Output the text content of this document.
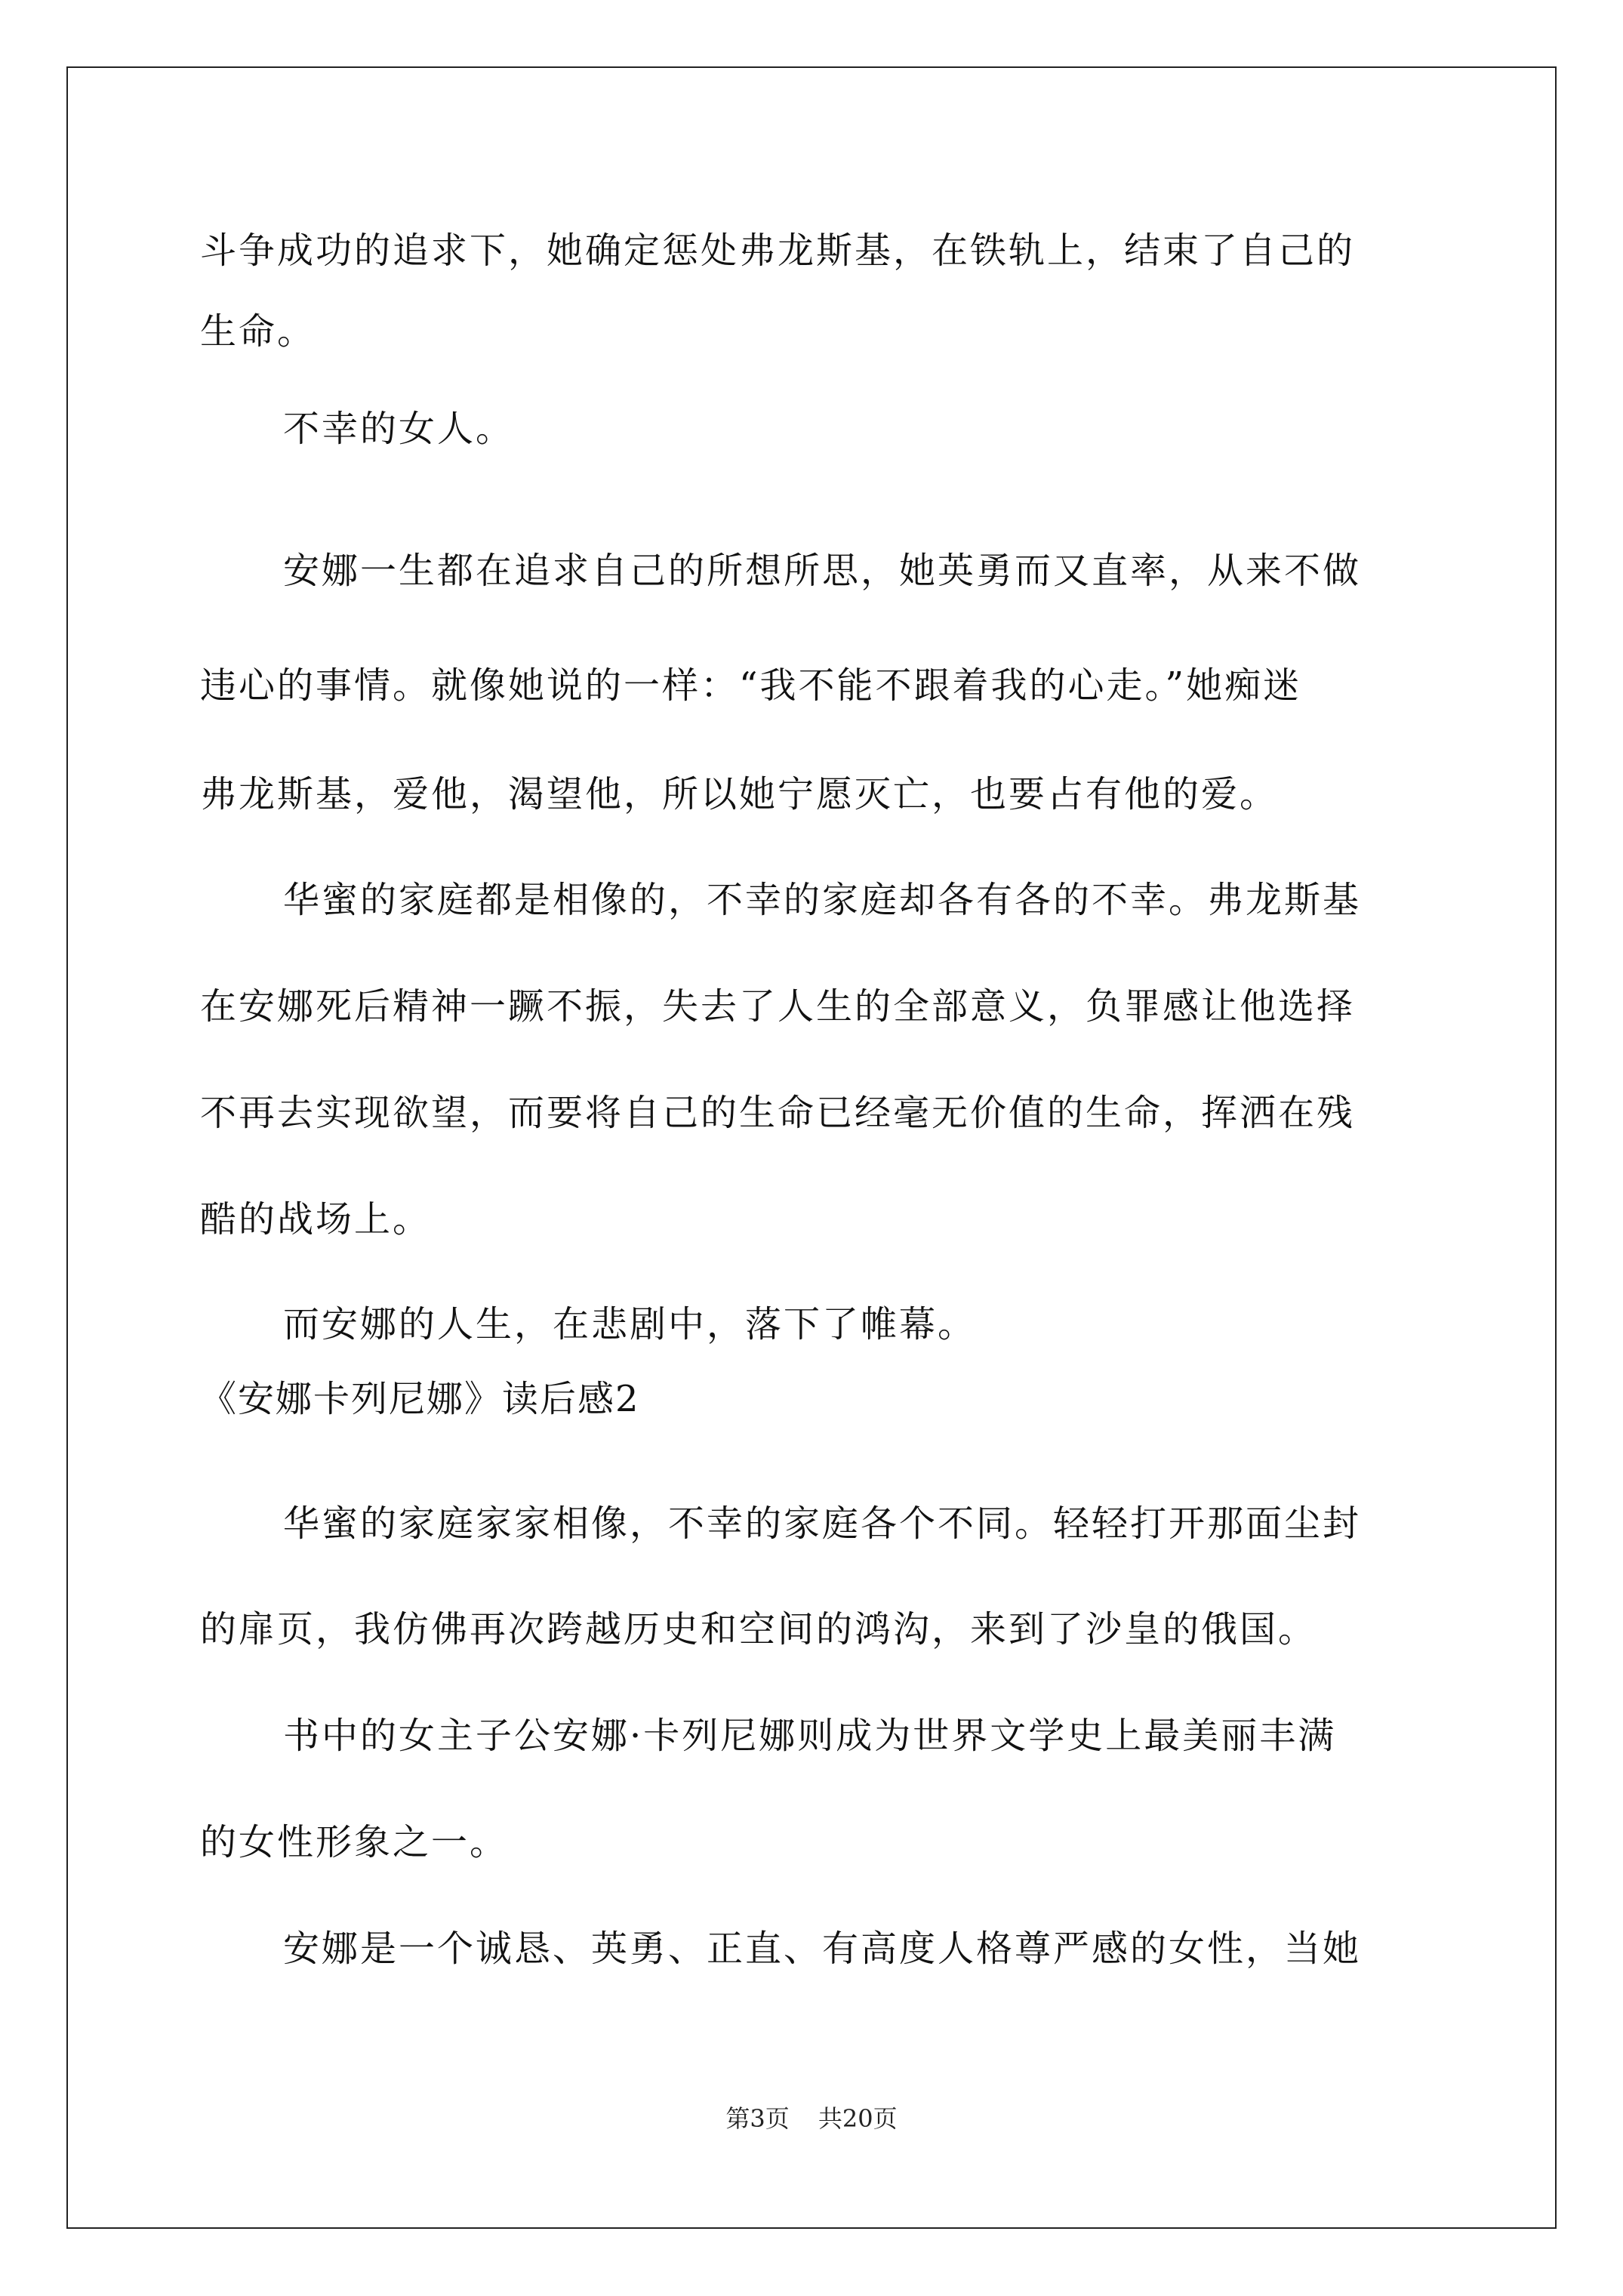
斗争成功的追求下，她确定惩处弗龙斯基，在铁轨上，结束了自己的
生命。
不幸的女人。
安娜一生都在追求自己的所想所思，她英勇而又直率，从来不做
违心的事情。就像她说的一样：“我不能不跟着我的心走。”她痴迷
弗龙斯基，爱他，渴望他，所以她宁愿灭亡，也要占有他的爱。
华蜜的家庭都是相像的，不幸的家庭却各有各的不幸。弗龙斯基
在安娜死后精神一蹶不振，失去了人生的全部意义，负罪感让他选择
不再去实现欲望，而要将自己的生命已经毫无价值的生命，挥洒在残
酷的战场上。
而安娜的人生，在悲剧中，落下了帷幕。
《安娜卡列尼娜》读后感2
华蜜的家庭家家相像，不幸的家庭各个不同。轻轻打开那面尘封
的扉页，我仿佛再次跨越历史和空间的鸿沟，来到了沙皇的俄国。
书中的女主子公安娜·卡列尼娜则成为世界文学史上最美丽丰满
的女性形象之一。
安娜是一个诚恳、英勇、正直、有高度人格尊严感的女性，当她
第3页 共20页
